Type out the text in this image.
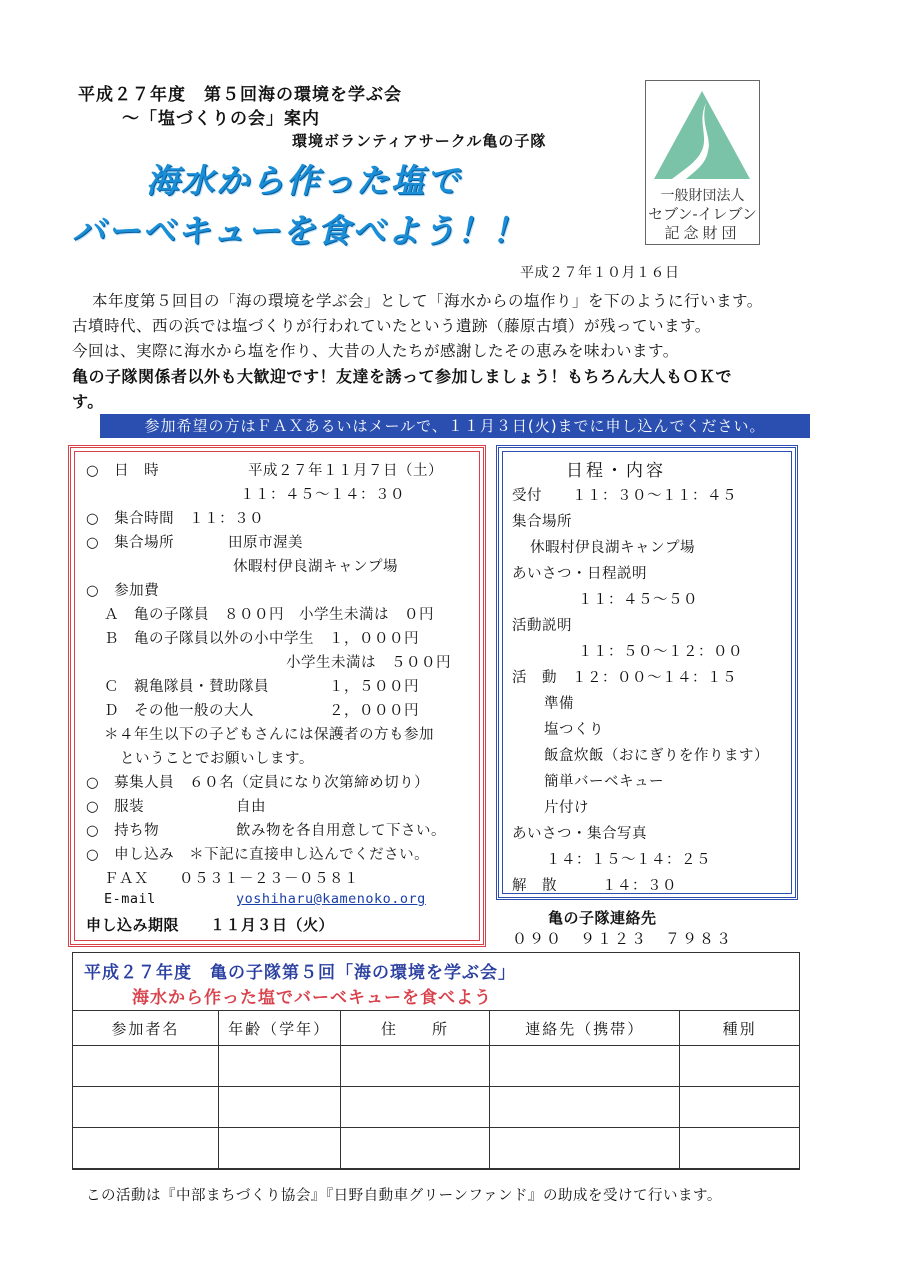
平成２７年度　第５回海の環境を学ぶ会
～「塩づくりの会」案内
環境ボランティアサークル亀の子隊
海水から作った塩で
バーベキューを食べよう！！
一般財団法人
セブン-イレブン
記念財団
平成２７年１０月１６日
本年度第５回目の「海の環境を学ぶ会」として「海水からの塩作り」を下のように行います。
古墳時代、西の浜では塩づくりが行われていたという遺跡（藤原古墳）が残っています。
今回は、実際に海水から塩を作り、大昔の人たちが感謝したその恵みを味わいます。
亀の子隊関係者以外も大歓迎です！友達を誘って参加しましょう！もちろん大人もＯＫで
す。
参加希望の方はＦＡＸあるいはメールで、１１月３日(火)までに申し込んでください。
○　日　時	平成２７年１１月７日（土）
１１：４５～１４：３０
○　集合時間　１１：３０
○　集合場所	田原市渥美
休暇村伊良湖キャンプ場
○　参加費
Ａ　亀の子隊員　８００円　小学生未満は　０円
Ｂ　亀の子隊員以外の小中学生　１，０００円
小学生未満は　５００円
Ｃ　親亀隊員・賛助隊員　　　　１，５００円
Ｄ　その他一般の大人　　　　　２，０００円
＊４年生以下の子どもさんには保護者の方も参加
ということでお願いします。
○　募集人員　６０名（定員になり次第締め切り）
○　服装	自由
○　持ち物	飲み物を各自用意して下さい。
○　申し込み　＊下記に直接申し込んでください。
ＦＡＸ　　０５３１－２３－０５８１
E-mail	yoshiharu@kamenoko.org
申し込み期限　　１１月３日（火）
日程・内容
受付　　１１：３０～１１：４５
集合場所
休暇村伊良湖キャンプ場
あいさつ・日程説明
１１：４５～５０
活動説明
１１：５０～１２：００
活　動　１２：００～１４：１５
準備
塩つくり
飯盒炊飯（おにぎりを作ります）
簡単バーベキュー
片付け
あいさつ・集合写真
１４：１５～１４：２５
解　散　　　１４：３０
亀の子隊連絡先
０９０　９１２３　７９８３
平成２７年度　亀の子隊第５回「海の環境を学ぶ会」
海水から作った塩でバーベキューを食べよう
参加者名	年齢（学年）	住　　所	連絡先（携帯）	種別

この活動は『中部まちづくり協会』『日野自動車グリーンファンド』の助成を受けて行います。
